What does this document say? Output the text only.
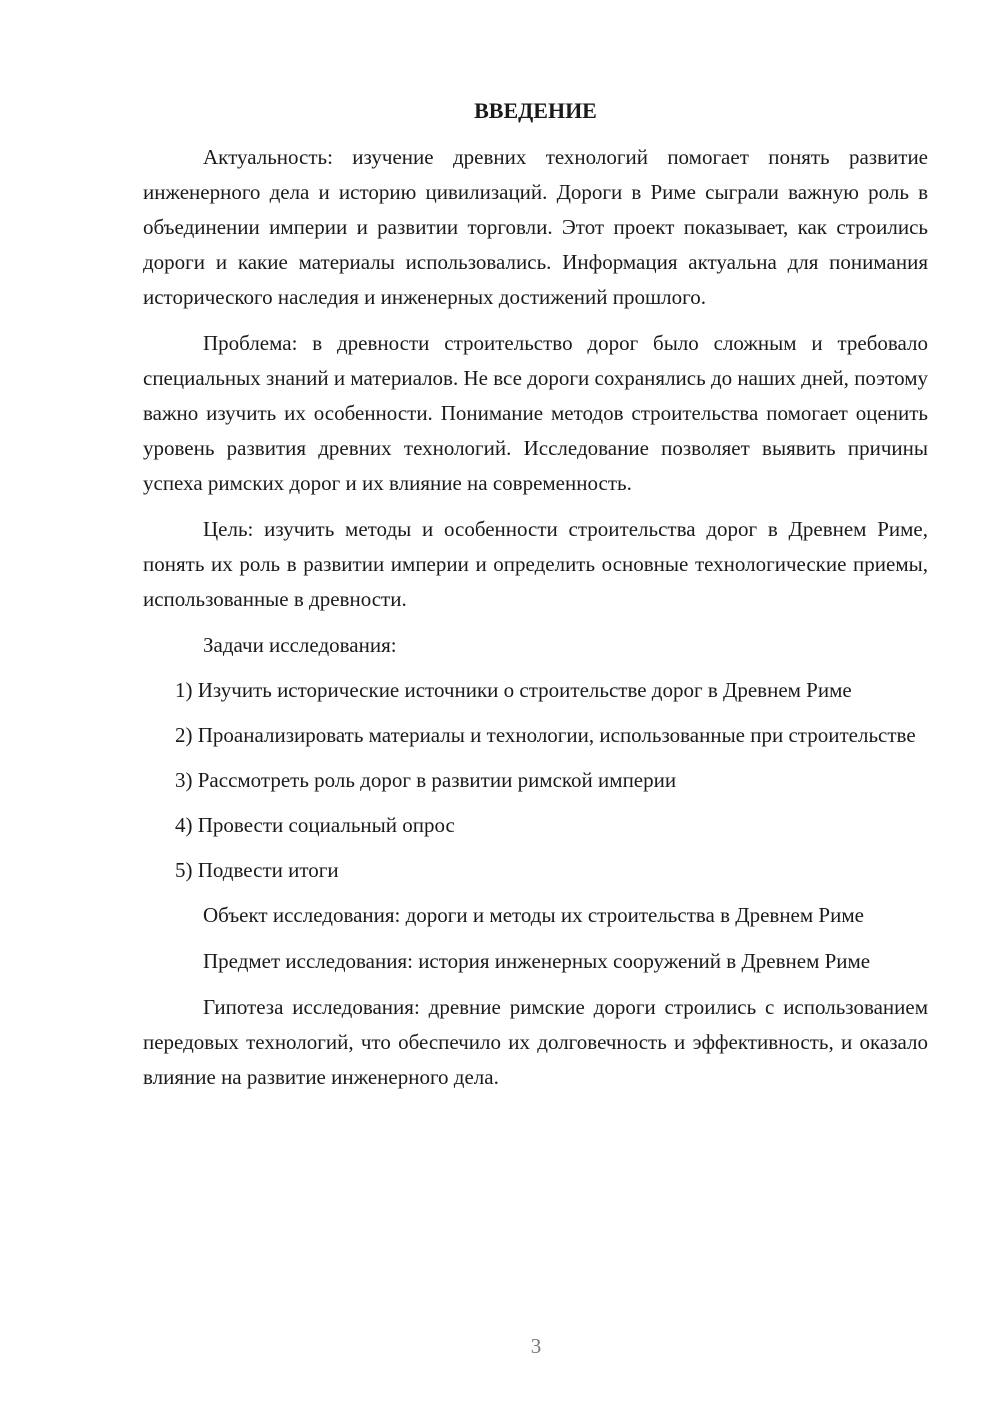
ВВЕДЕНИЕ

Актуальность: изучение древних технологий помогает понять развитие инженерного дела и историю цивилизаций. Дороги в Риме сыграли важную роль в объединении империи и развитии торговли. Этот проект показывает, как строились дороги и какие материалы использовались. Информация актуальна для понимания исторического наследия и инженерных достижений прошлого.

Проблема: в древности строительство дорог было сложным и требовало специальных знаний и материалов. Не все дороги сохранялись до наших дней, поэтому важно изучить их особенности. Понимание методов строительства помогает оценить уровень развития древних технологий. Исследование позволяет выявить причины успеха римских дорог и их влияние на современность.

Цель: изучить методы и особенности строительства дорог в Древнем Риме, понять их роль в развитии империи и определить основные технологические приемы, использованные в древности.

Задачи исследования:

1) Изучить исторические источники о строительстве дорог в Древнем Риме

2) Проанализировать материалы и технологии, использованные при строительстве

3) Рассмотреть роль дорог в развитии римской империи

4) Провести социальный опрос

5) Подвести итоги

Объект исследования: дороги и методы их строительства в Древнем Риме

Предмет исследования: история инженерных сооружений в Древнем Риме

Гипотеза исследования: древние римские дороги строились с использованием передовых технологий, что обеспечило их долговечность и эффективность, и оказало влияние на развитие инженерного дела.

3
